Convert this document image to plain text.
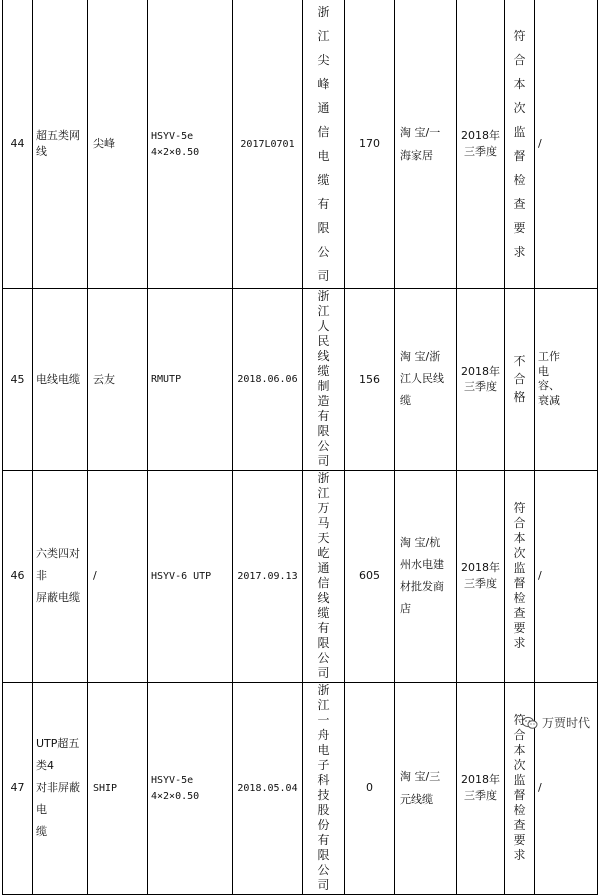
44	超五类网线	尖峰	HSYV-5e
4×2×0.50	2017L0701	浙江尖峰通信电缆有限公司	170	淘 宝/一
海家居	2018年
三季度	符合本次监督检查要求	/
45	电线电缆	云友	RMUTP	2018.06.06	浙江人民线缆制造有限公司	156	淘 宝/浙
江人民线
缆	2018年
三季度	不合格	工作
电
容、
衰减
46	六类四对非
屏蔽电缆	/	HSYV-6 UTP	2017.09.13	浙江万马天屹通信线缆有限公司	605	淘 宝/杭
州水电建
材批发商
店	2018年
三季度	符合本次监督检查要求	/
47	UTP超五类4
对非屏蔽电
缆	SHIP	HSYV-5e
4×2×0.50	2018.05.04	浙江一舟电子科技股份有限公司	0	淘 宝/三
元线缆	2018年
三季度	符合本次监督检查要求	/
万贾时代
